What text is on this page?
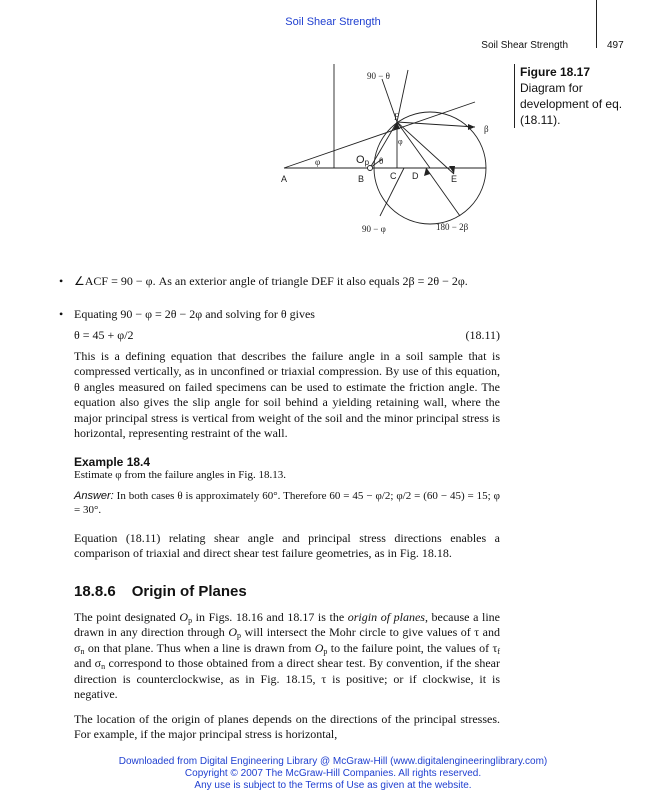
Soil Shear Strength
Soil Shear Strength	497
Figure 18.17
Diagram for development of eq. (18.11).
90 − θ
F
β
φ
φ
Op θ
A	B	C D	E
90 − φ	180 − 2β
• ∠ACF = 90 − φ. As an exterior angle of triangle DEF it also equals 2β = 2θ − 2φ.
• Equating 90 − φ = 2θ − 2φ and solving for θ gives
θ = 45 + φ/2	(18.11)
This is a defining equation that describes the failure angle in a soil sample that is compressed vertically, as in unconfined or triaxial compression. By use of this equation, θ angles measured on failed specimens can be used to estimate the friction angle. The equation also gives the slip angle for soil behind a yielding retaining wall, where the major principal stress is vertical from weight of the soil and the minor principal stress is horizontal, representing restraint of the wall.
Example 18.4
Estimate φ from the failure angles in Fig. 18.13.
Answer: In both cases θ is approximately 60°. Therefore 60 = 45 − φ/2; φ/2 = (60 − 45) = 15; φ = 30°.
Equation (18.11) relating shear angle and principal stress directions enables a comparison of triaxial and direct shear test failure geometries, as in Fig. 18.18.
18.8.6 Origin of Planes
The point designated $O_p$ in Figs. 18.16 and 18.17 is the origin of planes, because a line drawn in any direction through $O_p$ will intersect the Mohr circle to give values of τ and $\sigma_n$ on that plane. Thus when a line is drawn from $O_p$ to the failure point, the values of $\tau_f$ and $\sigma_n$ correspond to those obtained from a direct shear test. By convention, if the shear direction is counterclockwise, as in Fig. 18.15, τ is positive; or if clockwise, it is negative.
The location of the origin of planes depends on the directions of the principal stresses. For example, if the major principal stress is horizontal,
Downloaded from Digital Engineering Library @ McGraw-Hill (www.digitalengineeringlibrary.com)
Copyright © 2007 The McGraw-Hill Companies. All rights reserved.
Any use is subject to the Terms of Use as given at the website.
